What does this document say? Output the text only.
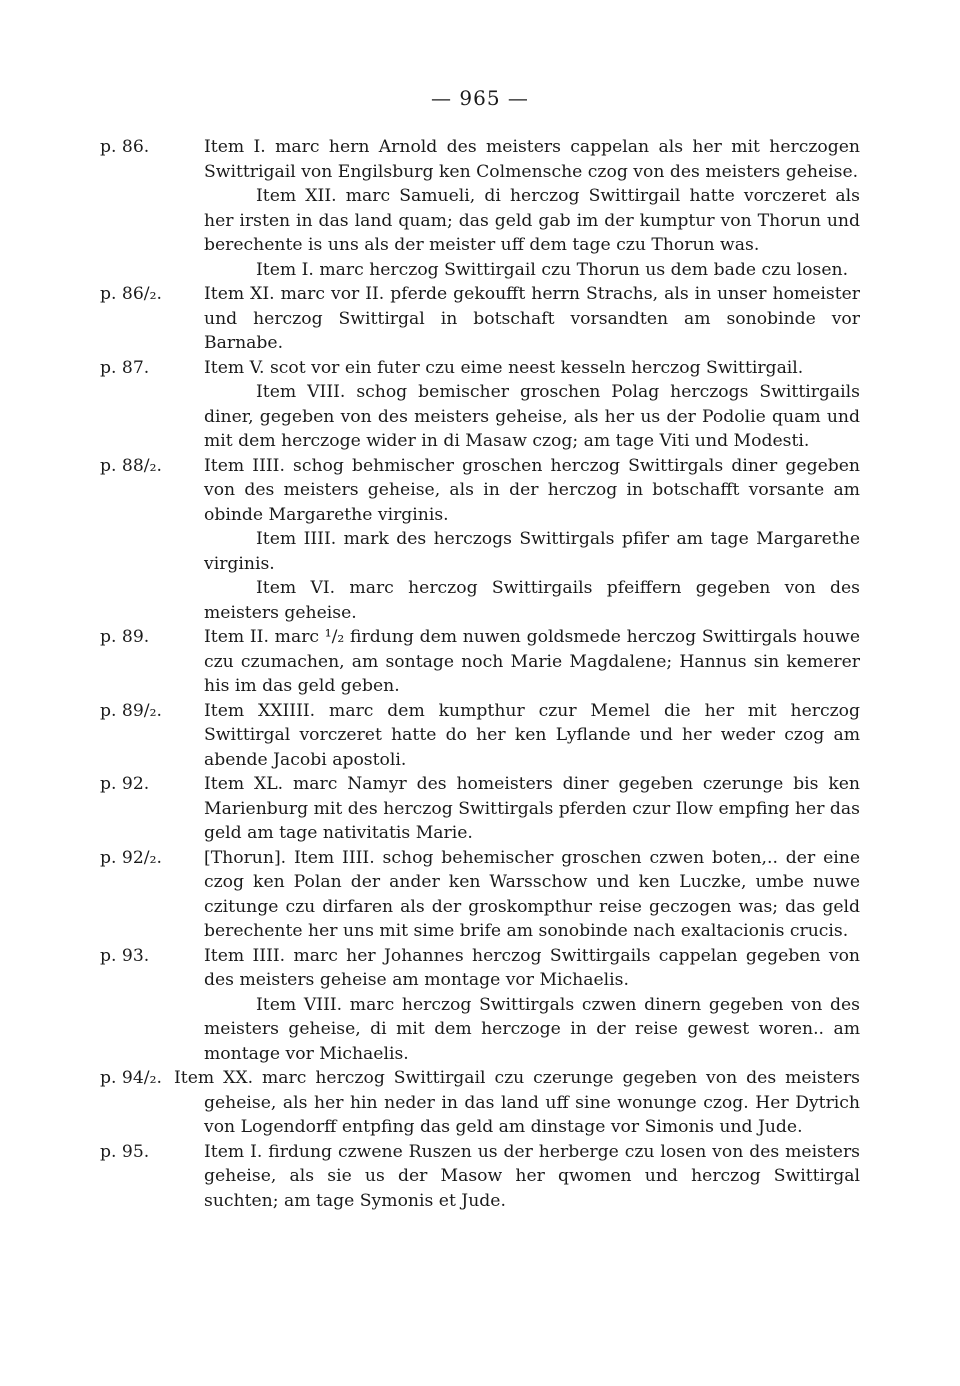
— 965 —
p. 86.	Item I. marc hern Arnold des meisters cappelan als her mit herczogen Swittrigail von Engilsburg ken Colmensche czog von des meisters geheise.
Item XII. marc Samueli, di herczog Swittirgail hatte vorczeret als her irsten in das land quam; das geld gab im der kumptur von Thorun und berechente is uns als der meister uff dem tage czu Thorun was.
Item I. marc herczog Swittirgail czu Thorun us dem bade czu losen.
p. 86/₂. Item XI. marc vor II. pferde gekoufft herrn Strachs, als in unser homeister und herczog Swittirgal in botschaft vorsandten am sonobinde vor Barnabe.
p. 87.	Item V. scot vor ein futer czu eime neest kesseln herczog Swittirgail.
Item VIII. schog bemischer groschen Polag herczogs Swittirgails diner, gegeben von des meisters geheise, als her us der Podolie quam und mit dem herczoge wider in di Masaw czog; am tage Viti und Modesti.
p. 88/₂. Item IIII. schog behmischer groschen herczog Swittirgals diner gegeben von des meisters geheise, als in der herczog in botschafft vorsante am obinde Margarethe virginis.
Item IIII. mark des herczogs Swittirgals pfifer am tage Margarethe virginis.
Item VI. marc herczog Swittirgails pfeiffern gegeben von des meisters geheise.
p. 89.	Item II. marc ¹/₂ firdung dem nuwen goldsmede herczog Swittirgals houwe czu czumachen, am sontage noch Marie Magdalene; Hannus sin kemerer his im das geld geben.
p. 89/₂. Item XXIIII. marc dem kumpthur czur Memel die her mit herczog Swittirgal vorczeret hatte do her ken Lyflande und her weder czog am abende Jacobi apostoli.
p. 92.	Item XL. marc Namyr des homeisters diner gegeben czerunge bis ken Marienburg mit des herczog Swittirgals pferden czur Ilow empfing her das geld am tage nativitatis Marie.
p. 92/₂. [Thorun]. Item IIII. schog behemischer groschen czwen boten,.. der eine czog ken Polan der ander ken Warsschow und ken Luczke, umbe nuwe czitunge czu dirfaren als der groskompthur reise geczogen was; das geld berechente her uns mit sime brife am sonobinde nach exaltacionis crucis.
p. 93.	Item IIII. marc her Johannes herczog Swittirgails cappelan gegeben von des meisters geheise am montage vor Michaelis.
Item VIII. marc herczog Swittirgals czwen dinern gegeben von des meisters geheise, di mit dem herczoge in der reise gewest woren.. am montage vor Michaelis.
p. 94/₂. Item XX. marc herczog Swittirgail czu czerunge gegeben von des meisters geheise, als her hin neder in das land uff sine wonunge czog. Her Dytrich von Logendorff entpfing das geld am dinstage vor Simonis und Jude.
p. 95.	Item I. firdung czwene Ruszen us der herberge czu losen von des meisters geheise, als sie us der Masow her qwomen und herczog Swittirgal suchten; am tage Symonis et Jude.
